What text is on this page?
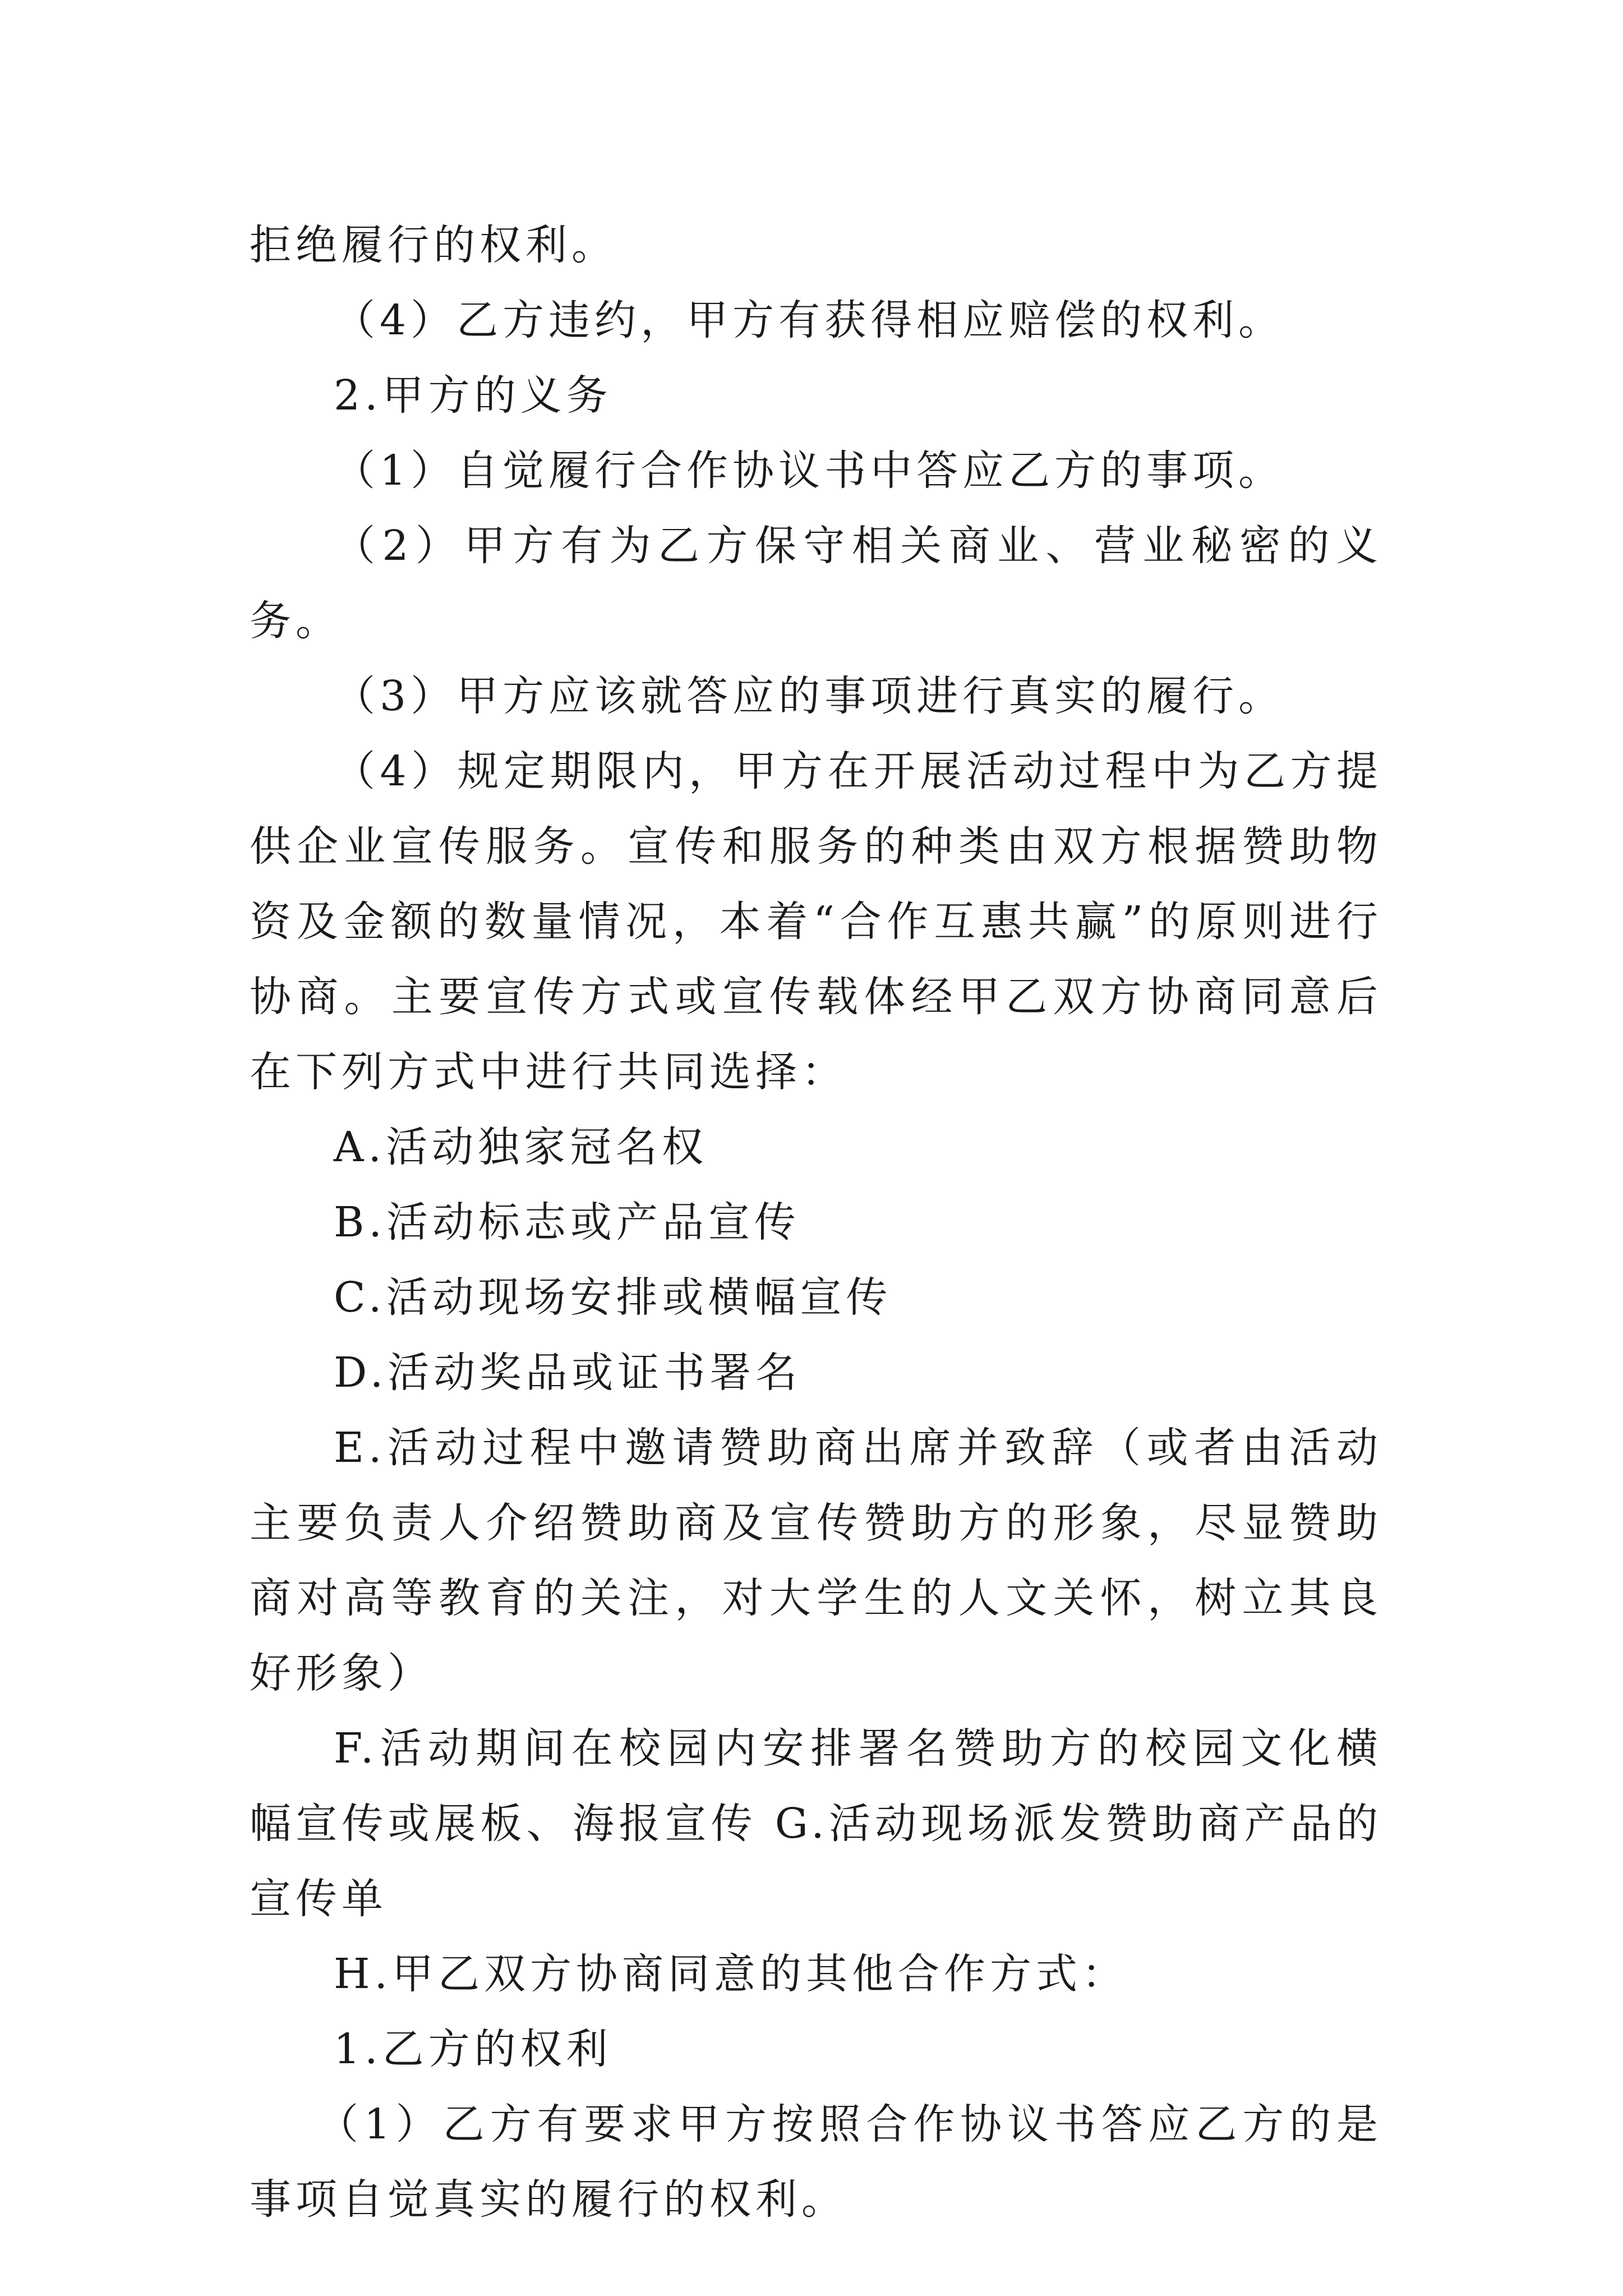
拒绝履行的权利。

（4）乙方违约，甲方有获得相应赔偿的权利。

2.甲方的义务

（1）自觉履行合作协议书中答应乙方的事项。

（2）甲方有为乙方保守相关商业、营业秘密的义务。

（3）甲方应该就答应的事项进行真实的履行。

（4）规定期限内，甲方在开展活动过程中为乙方提供企业宣传服务。宣传和服务的种类由双方根据赞助物资及金额的数量情况，本着“合作互惠共赢”的原则进行协商。主要宣传方式或宣传载体经甲乙双方协商同意后在下列方式中进行共同选择：

A.活动独家冠名权

B.活动标志或产品宣传

C.活动现场安排或横幅宣传

D.活动奖品或证书署名

E.活动过程中邀请赞助商出席并致辞（或者由活动主要负责人介绍赞助商及宣传赞助方的形象，尽显赞助商对高等教育的关注，对大学生的人文关怀，树立其良好形象）

F.活动期间在校园内安排署名赞助方的校园文化横幅宣传或展板、海报宣传 G.活动现场派发赞助商产品的宣传单

H.甲乙双方协商同意的其他合作方式：

1.乙方的权利

（1）乙方有要求甲方按照合作协议书答应乙方的是事项自觉真实的履行的权利。
